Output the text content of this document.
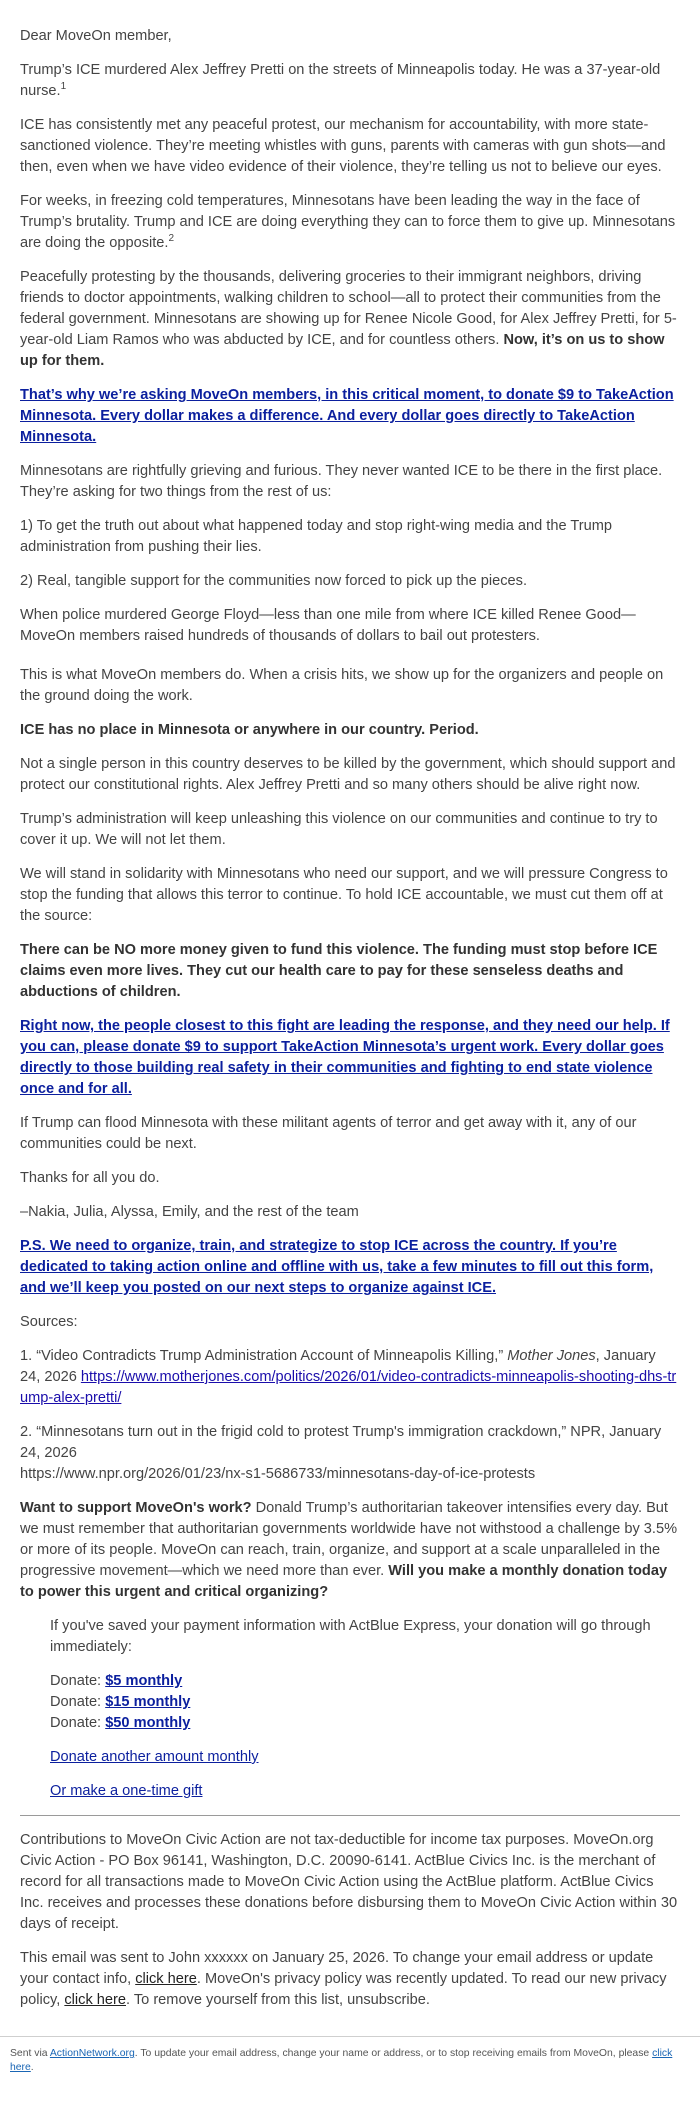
Dear MoveOn member,

Trump’s ICE murdered Alex Jeffrey Pretti on the streets of Minneapolis today. He was a 37-year-old nurse.$^1$

ICE has consistently met any peaceful protest, our mechanism for accountability, with more state-sanctioned violence. They’re meeting whistles with guns, parents with cameras with gun shots—and then, even when we have video evidence of their violence, they’re telling us not to believe our eyes.

For weeks, in freezing cold temperatures, Minnesotans have been leading the way in the face of Trump’s brutality. Trump and ICE are doing everything they can to force them to give up. Minnesotans are doing the opposite.$^2$

Peacefully protesting by the thousands, delivering groceries to their immigrant neighbors, driving friends to doctor appointments, walking children to school—all to protect their communities from the federal government. Minnesotans are showing up for Renee Nicole Good, for Alex Jeffrey Pretti, for 5-year-old Liam Ramos who was abducted by ICE, and for countless others. Now, it’s on us to show up for them.

That’s why we’re asking MoveOn members, in this critical moment, to donate $9 to TakeAction Minnesota. Every dollar makes a difference. And every dollar goes directly to TakeAction Minnesota.

Minnesotans are rightfully grieving and furious. They never wanted ICE to be there in the first place. They’re asking for two things from the rest of us:

1) To get the truth out about what happened today and stop right-wing media and the Trump administration from pushing their lies.

2) Real, tangible support for the communities now forced to pick up the pieces.

When police murdered George Floyd—less than one mile from where ICE killed Renee Good—MoveOn members raised hundreds of thousands of dollars to bail out protesters.

This is what MoveOn members do. When a crisis hits, we show up for the organizers and people on the ground doing the work.

ICE has no place in Minnesota or anywhere in our country. Period.

Not a single person in this country deserves to be killed by the government, which should support and protect our constitutional rights. Alex Jeffrey Pretti and so many others should be alive right now.

Trump’s administration will keep unleashing this violence on our communities and continue to try to cover it up. We will not let them.

We will stand in solidarity with Minnesotans who need our support, and we will pressure Congress to stop the funding that allows this terror to continue. To hold ICE accountable, we must cut them off at the source:

There can be NO more money given to fund this violence. The funding must stop before ICE claims even more lives. They cut our health care to pay for these senseless deaths and abductions of children.

Right now, the people closest to this fight are leading the response, and they need our help. If you can, please donate $9 to support TakeAction Minnesota’s urgent work. Every dollar goes directly to those building real safety in their communities and fighting to end state violence once and for all.

If Trump can flood Minnesota with these militant agents of terror and get away with it, any of our communities could be next.

Thanks for all you do.

–Nakia, Julia, Alyssa, Emily, and the rest of the team

P.S. We need to organize, train, and strategize to stop ICE across the country. If you’re dedicated to taking action online and offline with us, take a few minutes to fill out this form, and we’ll keep you posted on our next steps to organize against ICE.

Sources:

1. “Video Contradicts Trump Administration Account of Minneapolis Killing,” Mother Jones, January 24, 2026 https://www.motherjones.com/politics/2026/01/video-contradicts-minneapolis-shooting-dhs-trump-alex-pretti/

2. “Minnesotans turn out in the frigid cold to protest Trump's immigration crackdown,” NPR, January 24, 2026
https://www.npr.org/2026/01/23/nx-s1-5686733/minnesotans-day-of-ice-protests

Want to support MoveOn's work? Donald Trump’s authoritarian takeover intensifies every day. But we must remember that authoritarian governments worldwide have not withstood a challenge by 3.5% or more of its people. MoveOn can reach, train, organize, and support at a scale unparalleled in the progressive movement—which we need more than ever. Will you make a monthly donation today to power this urgent and critical organizing?

If you've saved your payment information with ActBlue Express, your donation will go through immediately:

Donate: $5 monthly
Donate: $15 monthly
Donate: $50 monthly

Donate another amount monthly

Or make a one-time gift

Contributions to MoveOn Civic Action are not tax-deductible for income tax purposes. MoveOn.org Civic Action - PO Box 96141, Washington, D.C. 20090-6141. ActBlue Civics Inc. is the merchant of record for all transactions made to MoveOn Civic Action using the ActBlue platform. ActBlue Civics Inc. receives and processes these donations before disbursing them to MoveOn Civic Action within 30 days of receipt.

This email was sent to John xxxxxx on January 25, 2026. To change your email address or update your contact info, click here. MoveOn's privacy policy was recently updated. To read our new privacy policy, click here. To remove yourself from this list, unsubscribe.

Sent via ActionNetwork.org. To update your email address, change your name or address, or to stop receiving emails from MoveOn, please click here.
